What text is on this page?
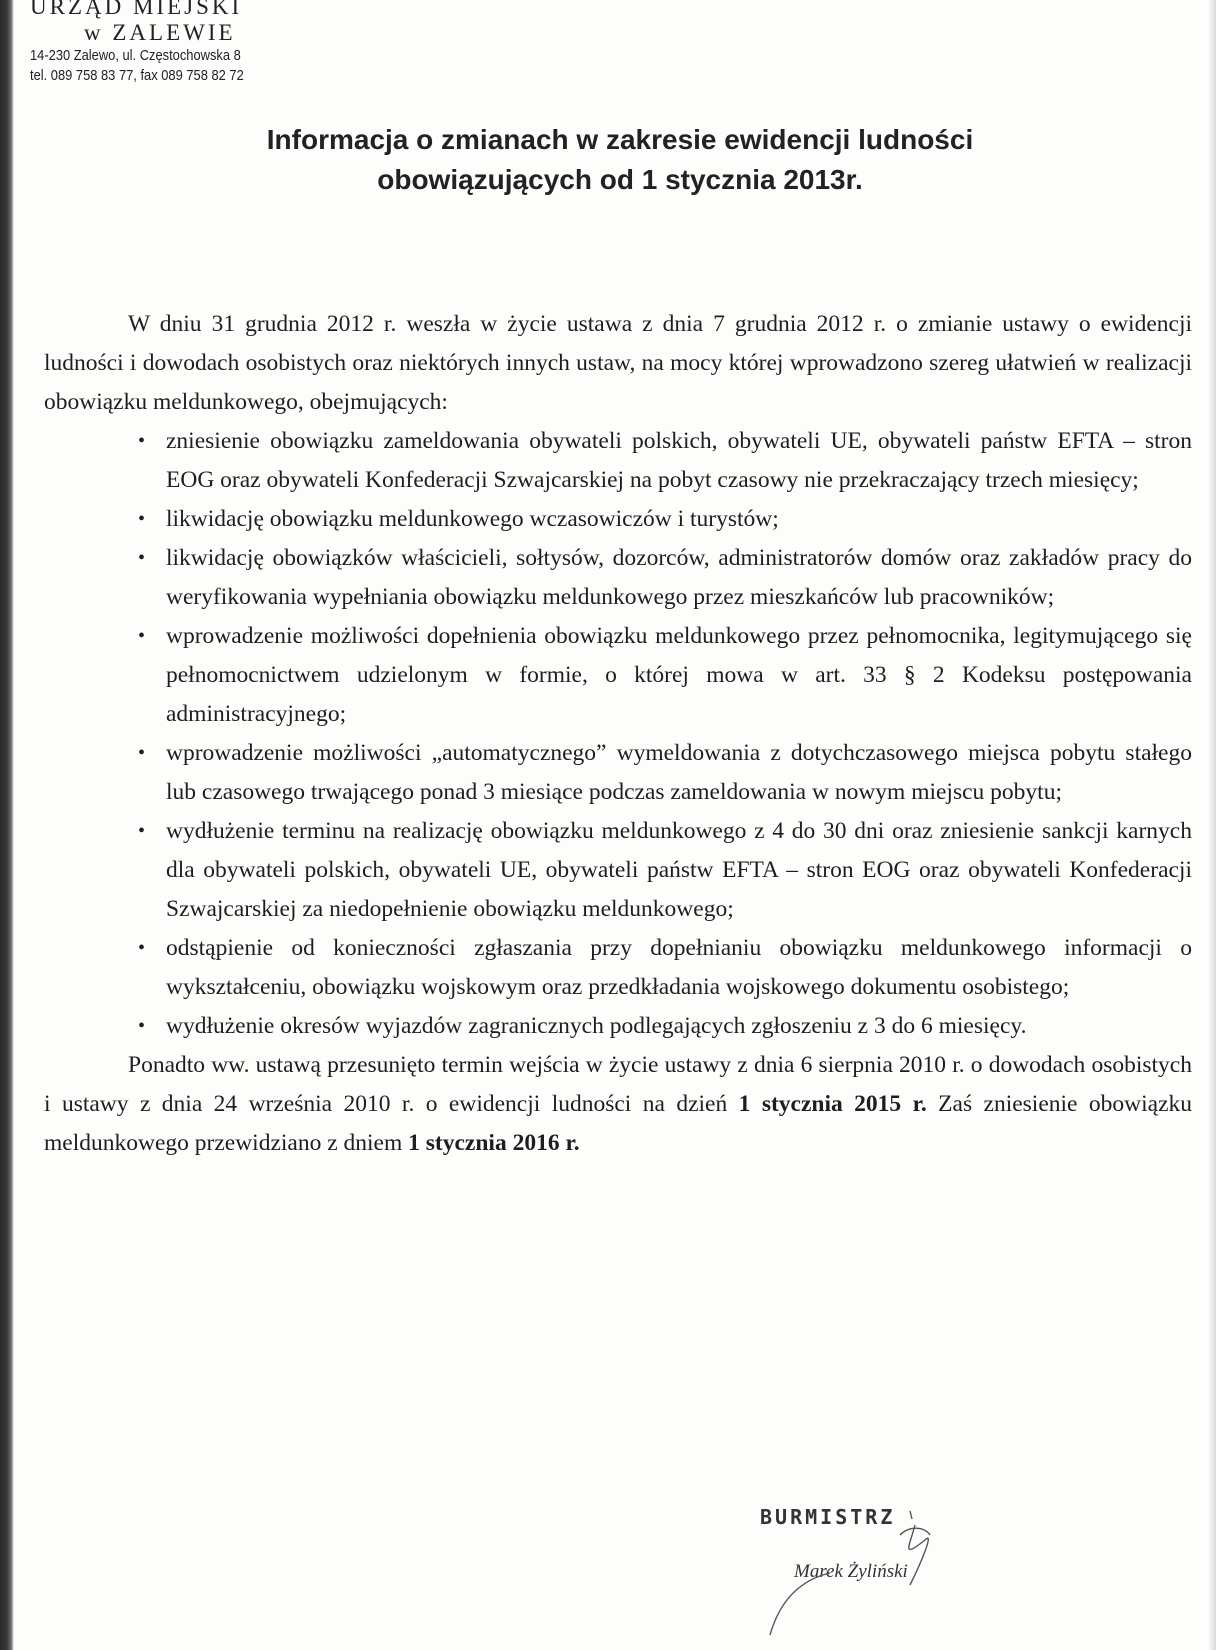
URZĄD MIEJSKI

w ZALEWIE

14-230 Zalewo, ul. Częstochowska 8

tel. 089 758 83 77, fax 089 758 82 72

Informacja o zmianach w zakresie ewidencji ludności
obowiązujących od 1 stycznia 2013r.

W dniu 31 grudnia 2012 r. weszła w życie ustawa z dnia 7 grudnia 2012 r. o zmianie ustawy o ewidencji ludności i dowodach osobistych oraz niektórych innych ustaw, na mocy której wprowadzono szereg ułatwień w realizacji obowiązku meldunkowego, obejmujących:

• zniesienie obowiązku zameldowania obywateli polskich, obywateli UE, obywateli państw EFTA – stron EOG oraz obywateli Konfederacji Szwajcarskiej na pobyt czasowy nie przekraczający trzech miesięcy;
• likwidację obowiązku meldunkowego wczasowiczów i turystów;
• likwidację obowiązków właścicieli, sołtysów, dozorców, administratorów domów oraz zakładów pracy do weryfikowania wypełniania obowiązku meldunkowego przez mieszkańców lub pracowników;
• wprowadzenie możliwości dopełnienia obowiązku meldunkowego przez pełnomocnika, legitymującego się pełnomocnictwem udzielonym w formie, o której mowa w art. 33 § 2 Kodeksu postępowania administracyjnego;
• wprowadzenie możliwości „automatycznego” wymeldowania z dotychczasowego miejsca pobytu stałego lub czasowego trwającego ponad 3 miesiące podczas zameldowania w nowym miejscu pobytu;
• wydłużenie terminu na realizację obowiązku meldunkowego z 4 do 30 dni oraz zniesienie sankcji karnych dla obywateli polskich, obywateli UE, obywateli państw EFTA – stron EOG oraz obywateli Konfederacji Szwajcarskiej za niedopełnienie obowiązku meldunkowego;
• odstąpienie od konieczności zgłaszania przy dopełnianiu obowiązku meldunkowego informacji o wykształceniu, obowiązku wojskowym oraz przedkładania wojskowego dokumentu osobistego;
• wydłużenie okresów wyjazdów zagranicznych podlegających zgłoszeniu z 3 do 6 miesięcy.

Ponadto ww. ustawą przesunięto termin wejścia w życie ustawy z dnia 6 sierpnia 2010 r. o dowodach osobistych i ustawy z dnia 24 września 2010 r. o ewidencji ludności na dzień 1 stycznia 2015 r. Zaś zniesienie obowiązku meldunkowego przewidziano z dniem 1 stycznia 2016 r.

BURMISTRZ
Marek Żyliński
